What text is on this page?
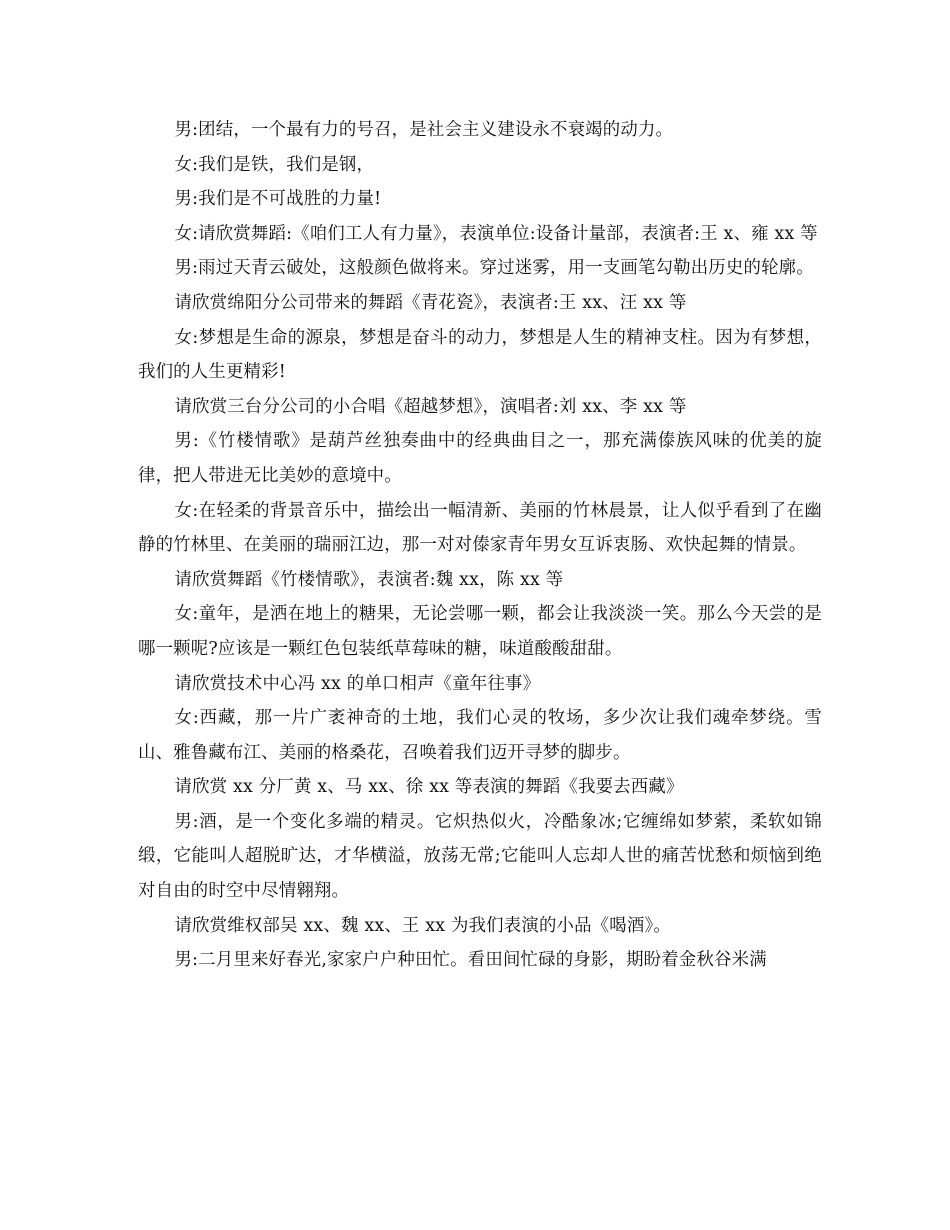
男:团结，一个最有力的号召，是社会主义建设永不衰竭的动力。

女:我们是铁，我们是钢，

男:我们是不可战胜的力量!

女:请欣赏舞蹈:《咱们工人有力量》，表演单位:设备计量部，表演者:王 x、雍 xx 等

男:雨过天青云破处，这般颜色做将来。穿过迷雾，用一支画笔勾勒出历史的轮廓。

请欣赏绵阳分公司带来的舞蹈《青花瓷》，表演者:王 xx、汪 xx 等

女:梦想是生命的源泉，梦想是奋斗的动力，梦想是人生的精神支柱。因为有梦想，我们的人生更精彩!

请欣赏三台分公司的小合唱《超越梦想》，演唱者:刘 xx、李 xx 等

男:《竹楼情歌》是葫芦丝独奏曲中的经典曲目之一，那充满傣族风味的优美的旋律，把人带进无比美妙的意境中。

女:在轻柔的背景音乐中，描绘出一幅清新、美丽的竹林晨景，让人似乎看到了在幽静的竹林里、在美丽的瑞丽江边，那一对对傣家青年男女互诉衷肠、欢快起舞的情景。

请欣赏舞蹈《竹楼情歌》，表演者:魏 xx，陈 xx 等

女:童年，是洒在地上的糖果，无论尝哪一颗，都会让我淡淡一笑。那么今天尝的是哪一颗呢?应该是一颗红色包装纸草莓味的糖，味道酸酸甜甜。

请欣赏技术中心冯 xx 的单口相声《童年往事》

女:西藏，那一片广袤神奇的土地，我们心灵的牧场，多少次让我们魂牵梦绕。雪山、雅鲁藏布江、美丽的格桑花，召唤着我们迈开寻梦的脚步。

请欣赏 xx 分厂黄 x、马 xx、徐 xx 等表演的舞蹈《我要去西藏》

男:酒，是一个变化多端的精灵。它炽热似火，冷酷象冰;它缠绵如梦萦，柔软如锦缎，它能叫人超脱旷达，才华横溢，放荡无常;它能叫人忘却人世的痛苦忧愁和烦恼到绝对自由的时空中尽情翱翔。

请欣赏维权部吴 xx、魏 xx、王 xx 为我们表演的小品《喝酒》。

男:二月里来好春光,家家户户种田忙。看田间忙碌的身影，期盼着金秋谷米满
